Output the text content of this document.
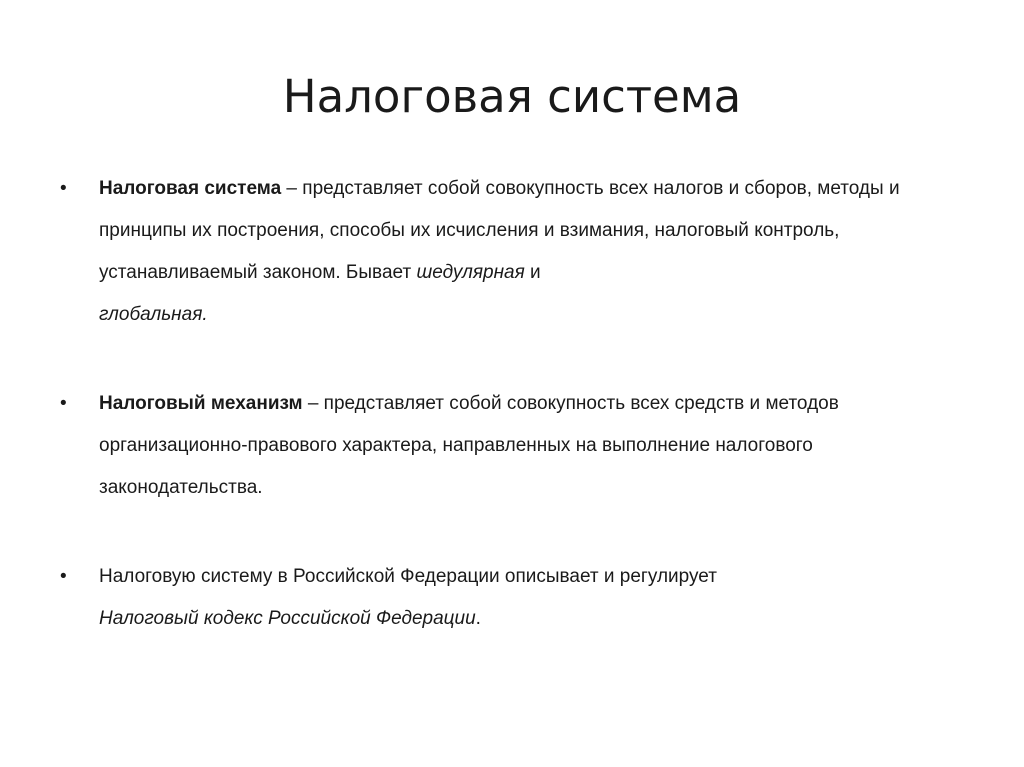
Налоговая система
• Налоговая система – представляет собой совокупность всех налогов и сборов, методы и принципы их построения, способы их исчисления и взимания, налоговый контроль, устанавливаемый законом. Бывает шедулярная и
глобальная.
• Налоговый механизм – представляет собой совокупность всех средств и методов организационно-правового характера, направленных на выполнение налогового законодательства.
• Налоговую систему в Российской Федерации описывает и регулирует
Налоговый кодекс Российской Федерации.
